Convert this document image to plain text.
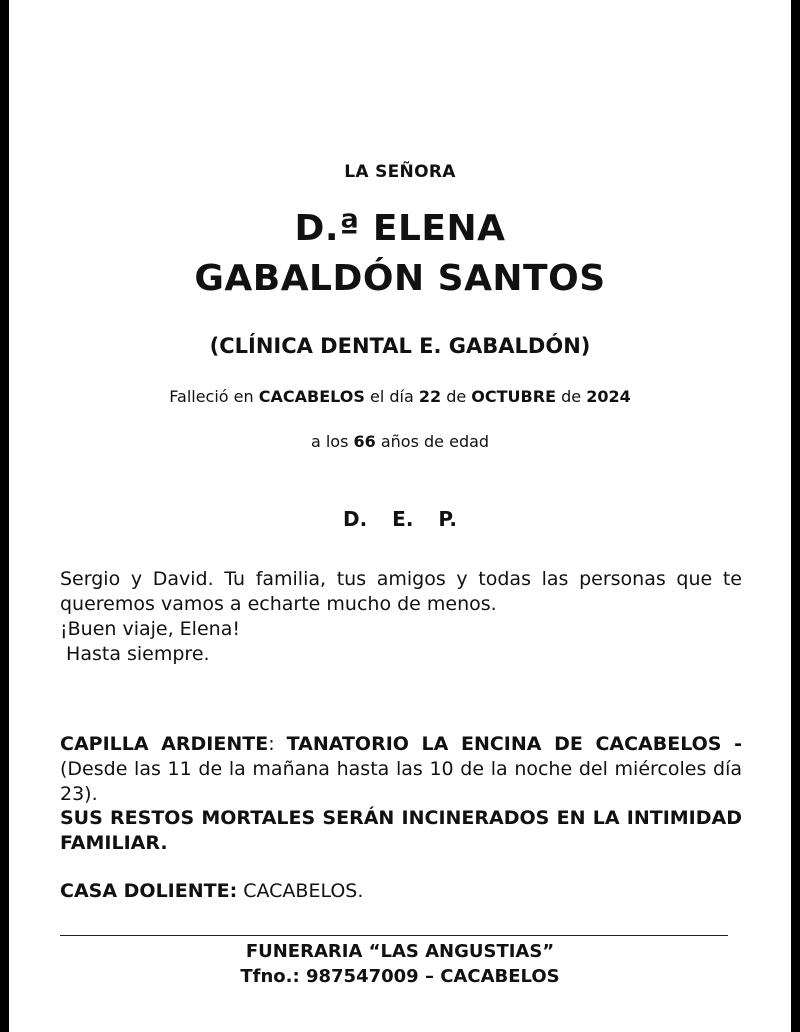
LA SEÑORA
D.ª ELENA
GABALDÓN SANTOS
(CLÍNICA DENTAL E. GABALDÓN)
Falleció en CACABELOS el día 22 de OCTUBRE de 2024
a los 66 años de edad
D. E. P.
Sergio y David. Tu familia, tus amigos y todas las personas que te queremos vamos a echarte mucho de menos.
¡Buen viaje, Elena!
Hasta siempre.
CAPILLA ARDIENTE: TANATORIO LA ENCINA DE CACABELOS - (Desde las 11 de la mañana hasta las 10 de la noche del miércoles día 23).
SUS RESTOS MORTALES SERÁN INCINERADOS EN LA INTIMIDAD FAMILIAR.
CASA DOLIENTE: CACABELOS.
FUNERARIA “LAS ANGUSTIAS”
Tfno.: 987547009 – CACABELOS
